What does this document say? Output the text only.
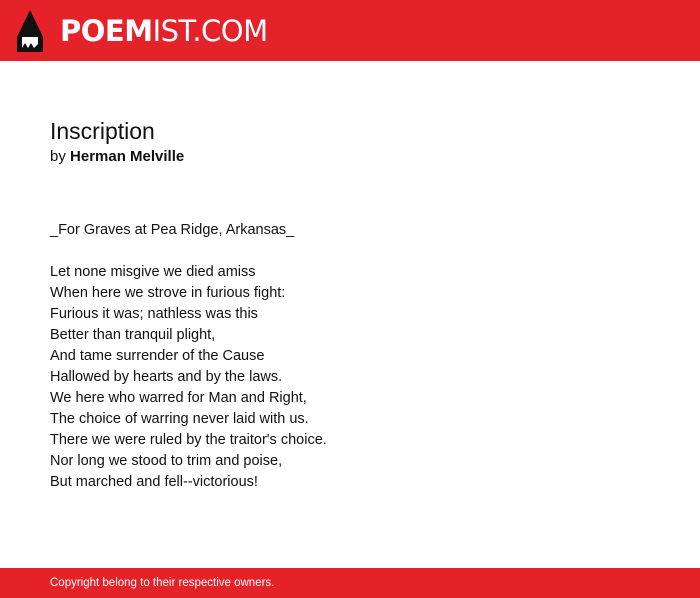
POEMIST.COM
Inscription

by Herman Melville

_For Graves at Pea Ridge, Arkansas_
Let none misgive we died amiss
When here we strove in furious fight:
Furious it was; nathless was this
Better than tranquil plight,
And tame surrender of the Cause
Hallowed by hearts and by the laws.
We here who warred for Man and Right,
The choice of warring never laid with us.
There we were ruled by the traitor's choice.
Nor long we stood to trim and poise,
But marched and fell--victorious!
Copyright belong to their respective owners.
